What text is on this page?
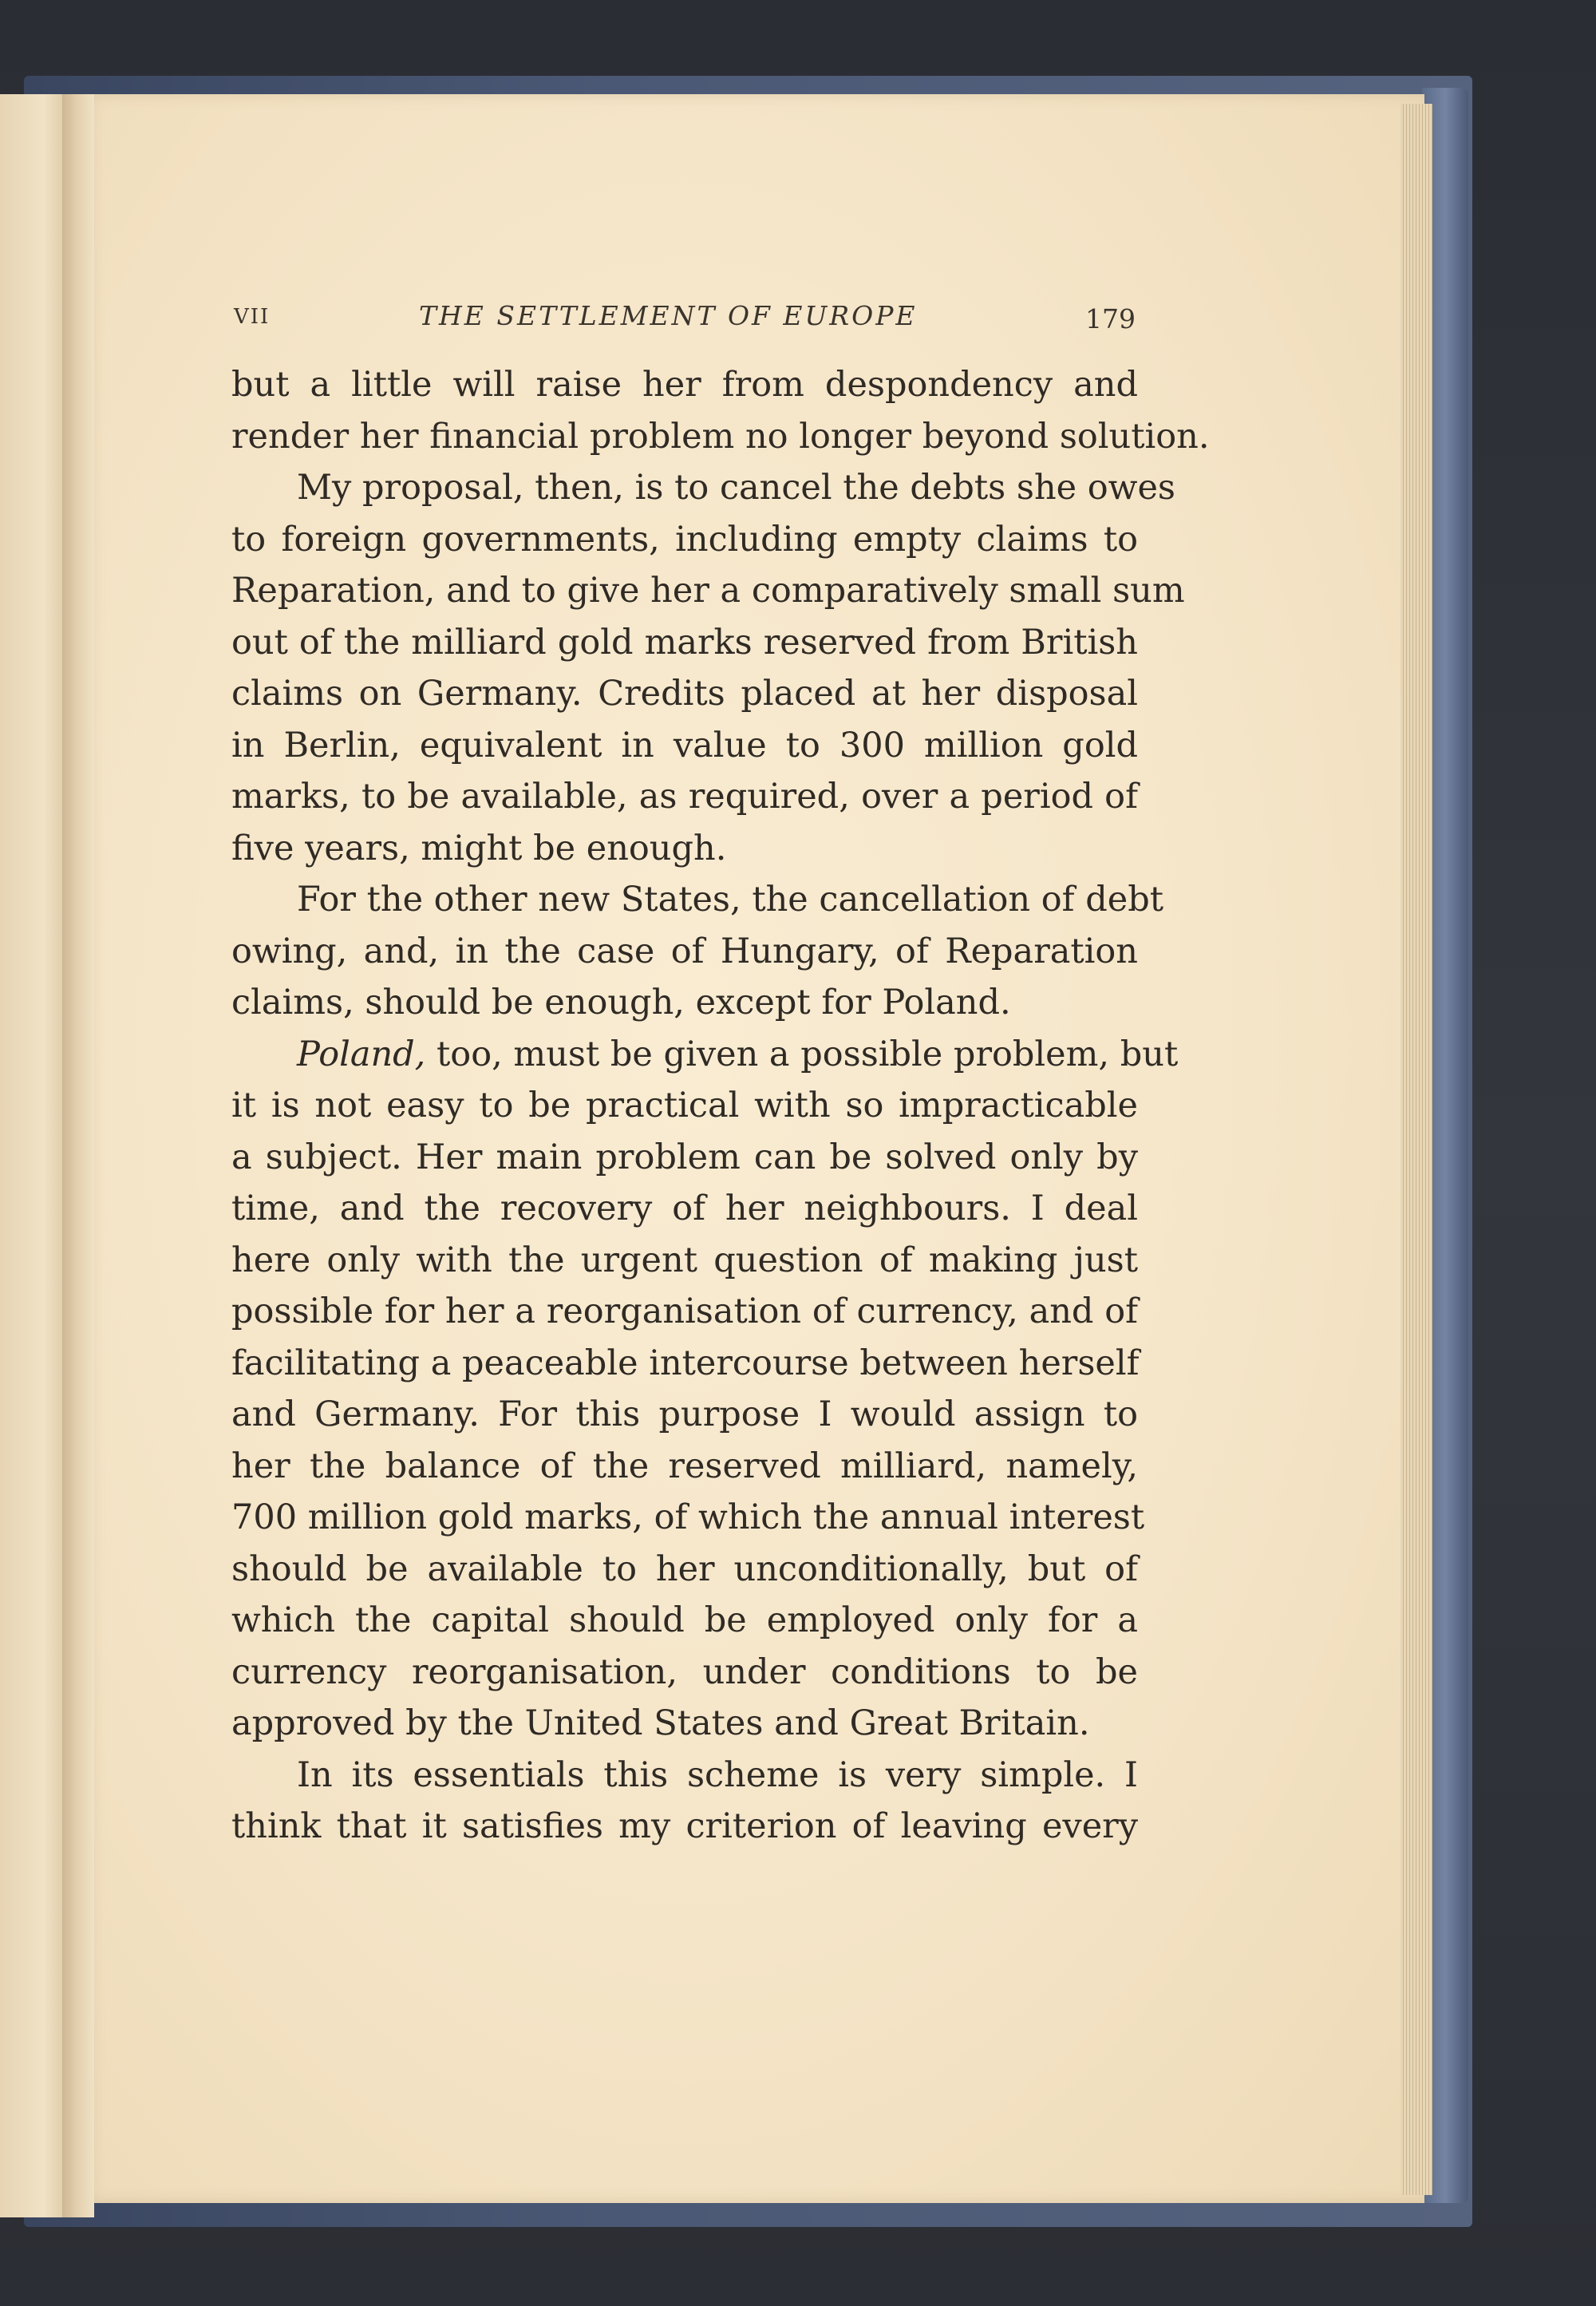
VII	THE SETTLEMENT OF EUROPE	179
but a little will raise her from despondency and
render her financial problem no longer beyond solution.
My proposal, then, is to cancel the debts she owes
to foreign governments, including empty claims to
Reparation, and to give her a comparatively small sum
out of the milliard gold marks reserved from British
claims on Germany. Credits placed at her disposal
in Berlin, equivalent in value to 300 million gold
marks, to be available, as required, over a period of
five years, might be enough.
For the other new States, the cancellation of debt
owing, and, in the case of Hungary, of Reparation
claims, should be enough, except for Poland.
Poland, too, must be given a possible problem, but
it is not easy to be practical with so impracticable
a subject. Her main problem can be solved only by
time, and the recovery of her neighbours. I deal
here only with the urgent question of making just
possible for her a reorganisation of currency, and of
facilitating a peaceable intercourse between herself
and Germany. For this purpose I would assign to
her the balance of the reserved milliard, namely,
700 million gold marks, of which the annual interest
should be available to her unconditionally, but of
which the capital should be employed only for a
currency reorganisation, under conditions to be
approved by the United States and Great Britain.
In its essentials this scheme is very simple. I
think that it satisfies my criterion of leaving every
